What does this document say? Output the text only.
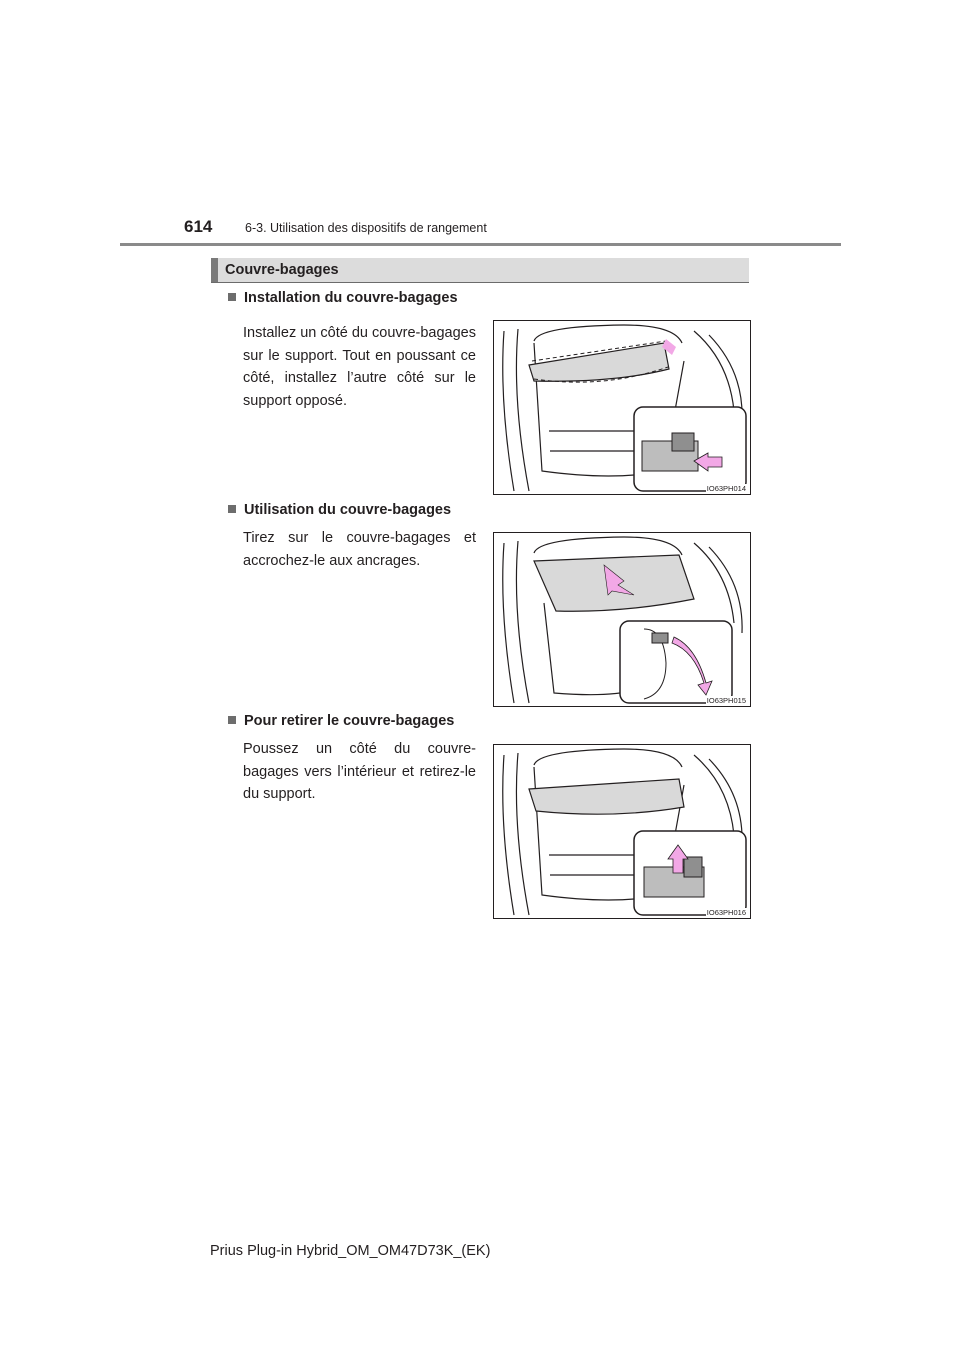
614	6-3. Utilisation des dispositifs de rangement
Couvre-bagages
Installation du couvre-bagages
Installez un côté du couvre-bagages sur le support. Tout en poussant ce côté, installez l’autre côté sur le support opposé.
IO63PH014
Utilisation du couvre-bagages
Tirez sur le couvre-bagages et accrochez-le aux ancrages.
IO63PH015
Pour retirer le couvre-bagages
Poussez un côté du couvre-bagages vers l’intérieur et retirez-le du support.
IO63PH016
Prius Plug-in Hybrid_OM_OM47D73K_(EK)
